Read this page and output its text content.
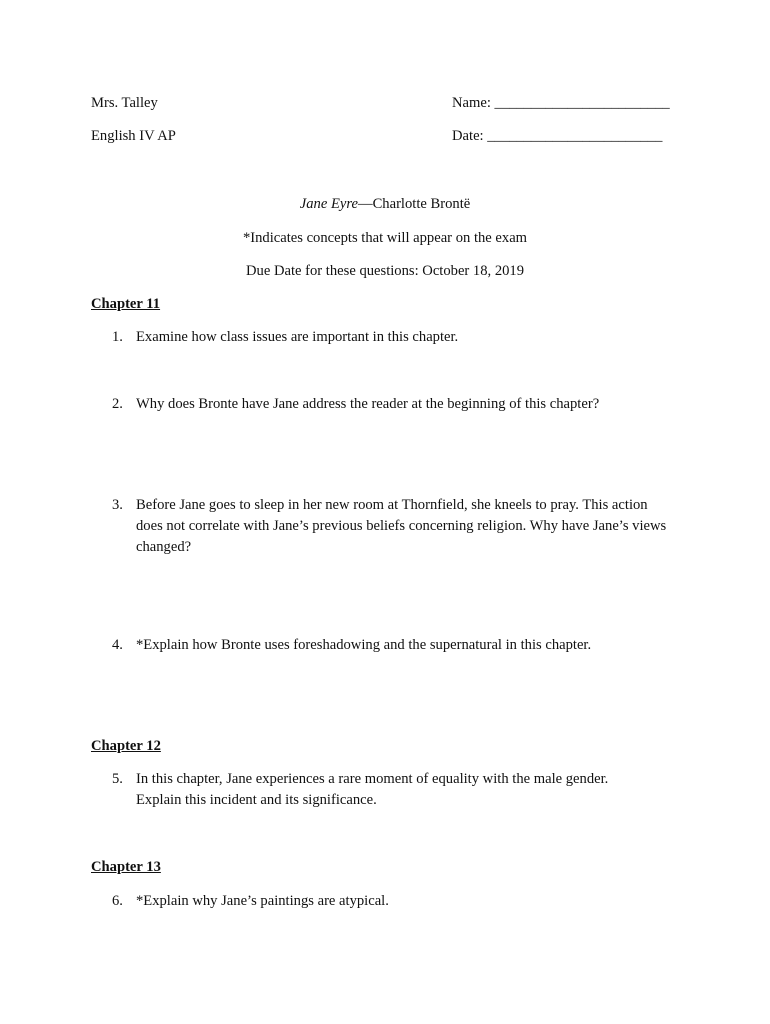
Mrs. Talley
English IV AP
Name: ________________________
Date: ________________________
Jane Eyre—Charlotte Brontë
*Indicates concepts that will appear on the exam
Due Date for these questions: October 18, 2019
Chapter 11
1. Examine how class issues are important in this chapter.
2. Why does Bronte have Jane address the reader at the beginning of this chapter?
3. Before Jane goes to sleep in her new room at Thornfield, she kneels to pray. This action does not correlate with Jane’s previous beliefs concerning religion. Why have Jane’s views changed?
4. *Explain how Bronte uses foreshadowing and the supernatural in this chapter.
Chapter 12
5. In this chapter, Jane experiences a rare moment of equality with the male gender. Explain this incident and its significance.
Chapter 13
6. *Explain why Jane’s paintings are atypical.
